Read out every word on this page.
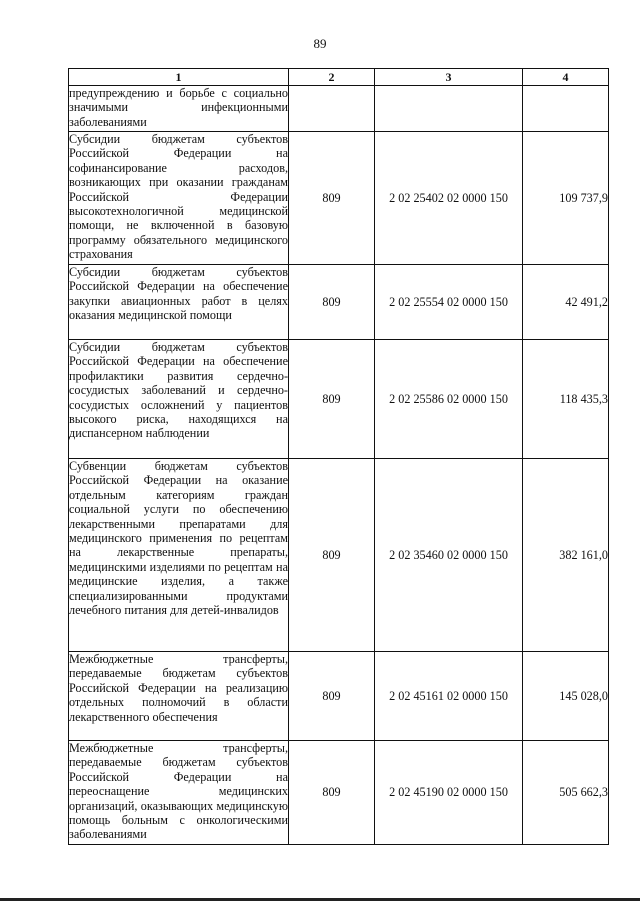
89
1	2	3	4
предупреждению и борьбе с социально значимыми инфекционными заболеваниями			
Субсидии бюджетам субъектов Российской Федерации на софинансирование расходов, возникающих при оказании гражданам Российской Федерации высокотехнологичной медицинской помощи, не включенной в базовую программу обязательного медицинского страхования	809	2 02 25402 02 0000 150	109 737,9
Субсидии бюджетам субъектов Российской Федерации на обеспечение закупки авиационных работ в целях оказания медицинской помощи	809	2 02 25554 02 0000 150	42 491,2
Субсидии бюджетам субъектов Российской Федерации на обеспечение профилактики развития сердечно-сосудистых заболеваний и сердечно-сосудистых осложнений у пациентов высокого риска, находящихся на диспансерном наблюдении	809	2 02 25586 02 0000 150	118 435,3
Субвенции бюджетам субъектов Российской Федерации на оказание отдельным категориям граждан социальной услуги по обеспечению лекарственными препаратами для медицинского применения по рецептам на лекарственные препараты, медицинскими изделиями по рецептам на медицинские изделия, а также специализированными продуктами лечебного питания для детей-инвалидов	809	2 02 35460 02 0000 150	382 161,0
Межбюджетные трансферты, передаваемые бюджетам субъектов Российской Федерации на реализацию отдельных полномочий в области лекарственного обеспечения	809	2 02 45161 02 0000 150	145 028,0
Межбюджетные трансферты, передаваемые бюджетам субъектов Российской Федерации на переоснащение медицинских организаций, оказывающих медицинскую помощь больным с онкологическими заболеваниями	809	2 02 45190 02 0000 150	505 662,3
